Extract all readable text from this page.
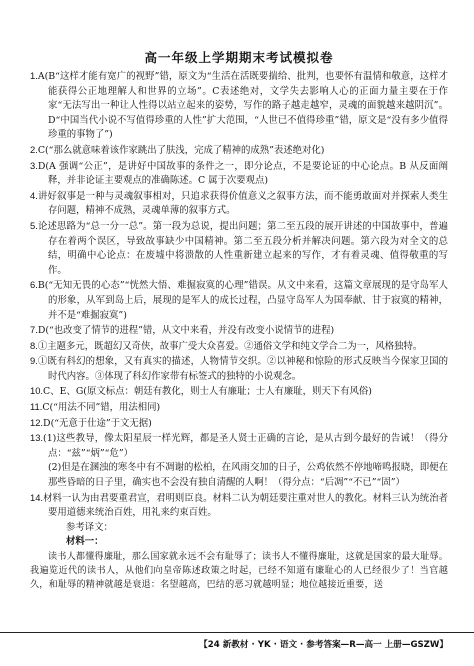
高一年级上学期期末考试模拟卷

1.A(B“这样才能有宽广的视野”错，原文为“生活在活既要揣给、批判，也要怀有温情和敬意，这样才能获得公正地理解人和世界的立场”。C表述绝对，文学失去影响人心的正面力量主要在于作家“无法写出一种让人性得以站立起来的姿势，写作的路子越走越窄，灵魂的面貌越来越阴沉”。D“中国当代小说不写值得珍重的人性”扩大范围，“人世已不值得珍重”错，原文是“没有多少值得珍重的事物了”)

2.C(“那么就意味着该作家跳出了肤浅，完成了精神的成熟”表述绝对化)

3.D(A 强调“公正”，是讲好中国故事的条件之一，即分论点，不是要论证的中心论点。B 从反面阐释，并非论证主要观点的准确陈述。C 属于次要观点)

4.讲好叙事是一种与灵魂叙事相对，只追求获得价值意义之叙事方法，而不能勇敢面对并探索人类生存问题，精神不成熟，灵魂单薄的叙事方式。

5.论述思路为“总一分一总”。第一段为总说，提出问题；第二至五段的展开讲述的中国故事中，普遍存在着两个误区，导致故事缺少中国精神。第二至五段分析并解决问题。第六段为对全文的总结，明确中心论点：在废墟中将溃散的人性重新建立起来的写作，才有着灵魂、值得敬重的写作。

6.B(“无知无畏的心态”“恍然大悟、难掘寂寞的心理”错误。从文中来看，这篇文章展现的是守岛军人的形象，从军到岛上后，展现的是军人的成长过程，凸显守岛军人为国奉献、甘于寂寞的精神，并不是“难掘寂寞”)

7.D(“也改变了情节的进程”错，从文中来看，并没有改变小说情节的进程)

8.①主题多元，既超幻又奇侠，故事广受大众喜爱。②通俗文学和纯文学合二为一，风格独特。

9.①既有科幻的想象，又有真实的描述，人物情节交织。②以神秘和惊险的形式反映当今保家卫国的时代内容。③体现了科幻作家带有标签式的独特的小说观念。

10.C、E、G(原文标点：朝廷有教化，则士人有廉耻；士人有廉耻，则天下有风俗)

11.C(“用法不同”错，用法相同)

12.D(“无意于仕途”于文无据)

13.(1)这些教导，像太阳星辰一样光辉，都是圣人贤士正确的言论，是从古到今最好的告诫！（得分点：“兹”“炳”“危”）

(2)但是在溷浊的寒冬中有不凋谢的松柏，在风雨交加的日子，公鸡依然不停地啼鸣报晓，即便在那些昏暗的日子里，确实也不会没有独自清醒的人啊！（得分点：“后凋”“不已”“固”）

14.材料一认为由君要重君宣，君明则臣良。材料二认为朝廷要注重对世人的教化。材料三认为统治者要用道德来统治百姓，用礼来约束百姓。

参考译文：

材料一：

读书人都懂得廉耻，那么国家就永远不会有耻辱了；读书人不懂得廉耻，这就是国家的最大耻辱。我遍览近代的读书人，从他们向皇帝陈述政策之时起，已经不知道有廉耻心的人已经很少了！当官越久，和耻辱的精神就越是衰退：名望越高，巴结的恶习就越明显；地位越接近重要，送

【24 新教材 · YK · 语文 · 参考答案—R—高一 上册—GSZW】
